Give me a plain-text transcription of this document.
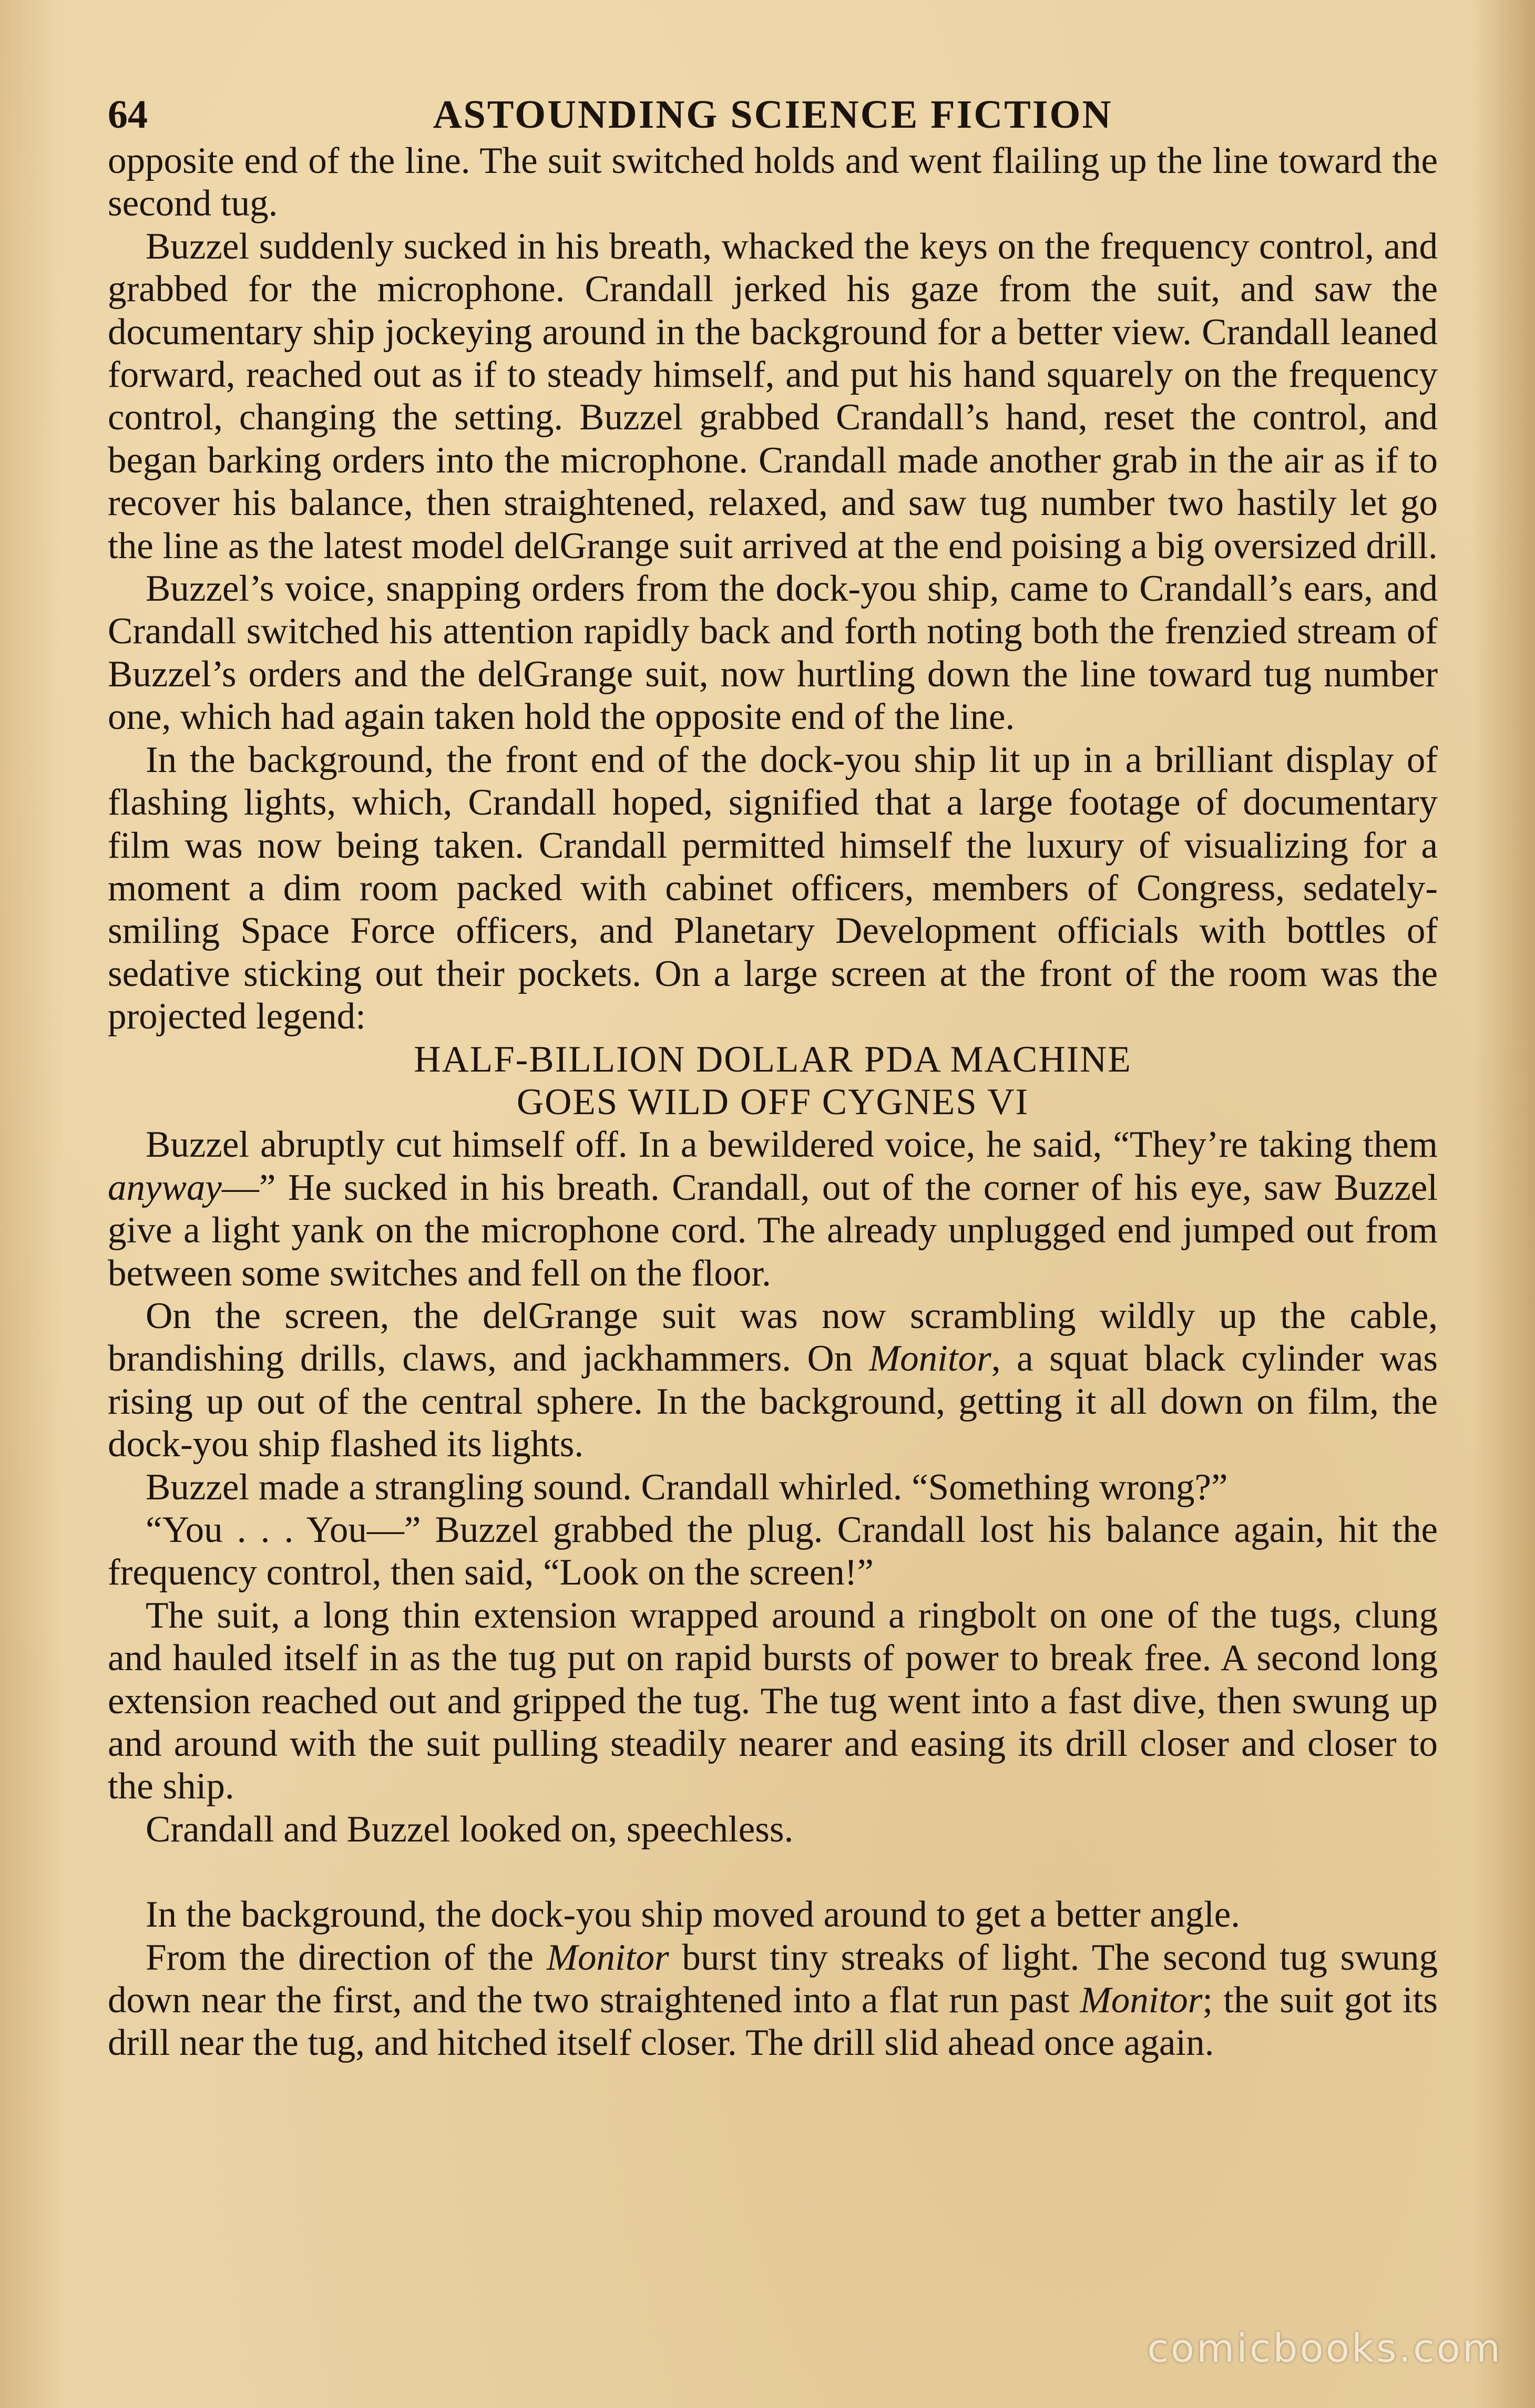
64	ASTOUNDING SCIENCE FICTION

opposite end of the line. The suit switched holds and went flailing up the line toward the second tug.

Buzzel suddenly sucked in his breath, whacked the keys on the frequency control, and grabbed for the microphone. Crandall jerked his gaze from the suit, and saw the documentary ship jockeying around in the background for a better view. Crandall leaned forward, reached out as if to steady himself, and put his hand squarely on the frequency control, changing the setting. Buzzel grabbed Crandall’s hand, reset the control, and began barking orders into the microphone. Crandall made another grab in the air as if to recover his balance, then straightened, relaxed, and saw tug number two hastily let go the line as the latest model delGrange suit arrived at the end poising a big oversized drill.

Buzzel’s voice, snapping orders from the dock-you ship, came to Crandall’s ears, and Crandall switched his attention rapidly back and forth noting both the frenzied stream of Buzzel’s orders and the delGrange suit, now hurtling down the line toward tug number one, which had again taken hold the opposite end of the line.

In the background, the front end of the dock-you ship lit up in a brilliant display of flashing lights, which, Crandall hoped, signified that a large footage of documentary film was now being taken. Crandall permitted himself the luxury of visualizing for a moment a dim room packed with cabinet officers, members of Congress, sedately-smiling Space Force officers, and Planetary Development officials with bottles of sedative sticking out their pockets. On a large screen at the front of the room was the projected legend:

HALF-BILLION DOLLAR PDA MACHINE
GOES WILD OFF CYGNES VI

Buzzel abruptly cut himself off. In a bewildered voice, he said, “They’re taking them anyway—” He sucked in his breath. Crandall, out of the corner of his eye, saw Buzzel give a light yank on the microphone cord. The already unplugged end jumped out from between some switches and fell on the floor.

On the screen, the delGrange suit was now scrambling wildly up the cable, brandishing drills, claws, and jackhammers. On Monitor, a squat black cylinder was rising up out of the central sphere. In the background, getting it all down on film, the dock-you ship flashed its lights.

Buzzel made a strangling sound. Crandall whirled. “Something wrong?”

“You . . . You—” Buzzel grabbed the plug. Crandall lost his balance again, hit the frequency control, then said, “Look on the screen!”

The suit, a long thin extension wrapped around a ringbolt on one of the tugs, clung and hauled itself in as the tug put on rapid bursts of power to break free. A second long extension reached out and gripped the tug. The tug went into a fast dive, then swung up and around with the suit pulling steadily nearer and easing its drill closer and closer to the ship.

Crandall and Buzzel looked on, speechless.

In the background, the dock-you ship moved around to get a better angle.

From the direction of the Monitor burst tiny streaks of light. The second tug swung down near the first, and the two straightened into a flat run past Monitor; the suit got its drill near the tug, and hitched itself closer. The drill slid ahead once again.

comicbooks.com
